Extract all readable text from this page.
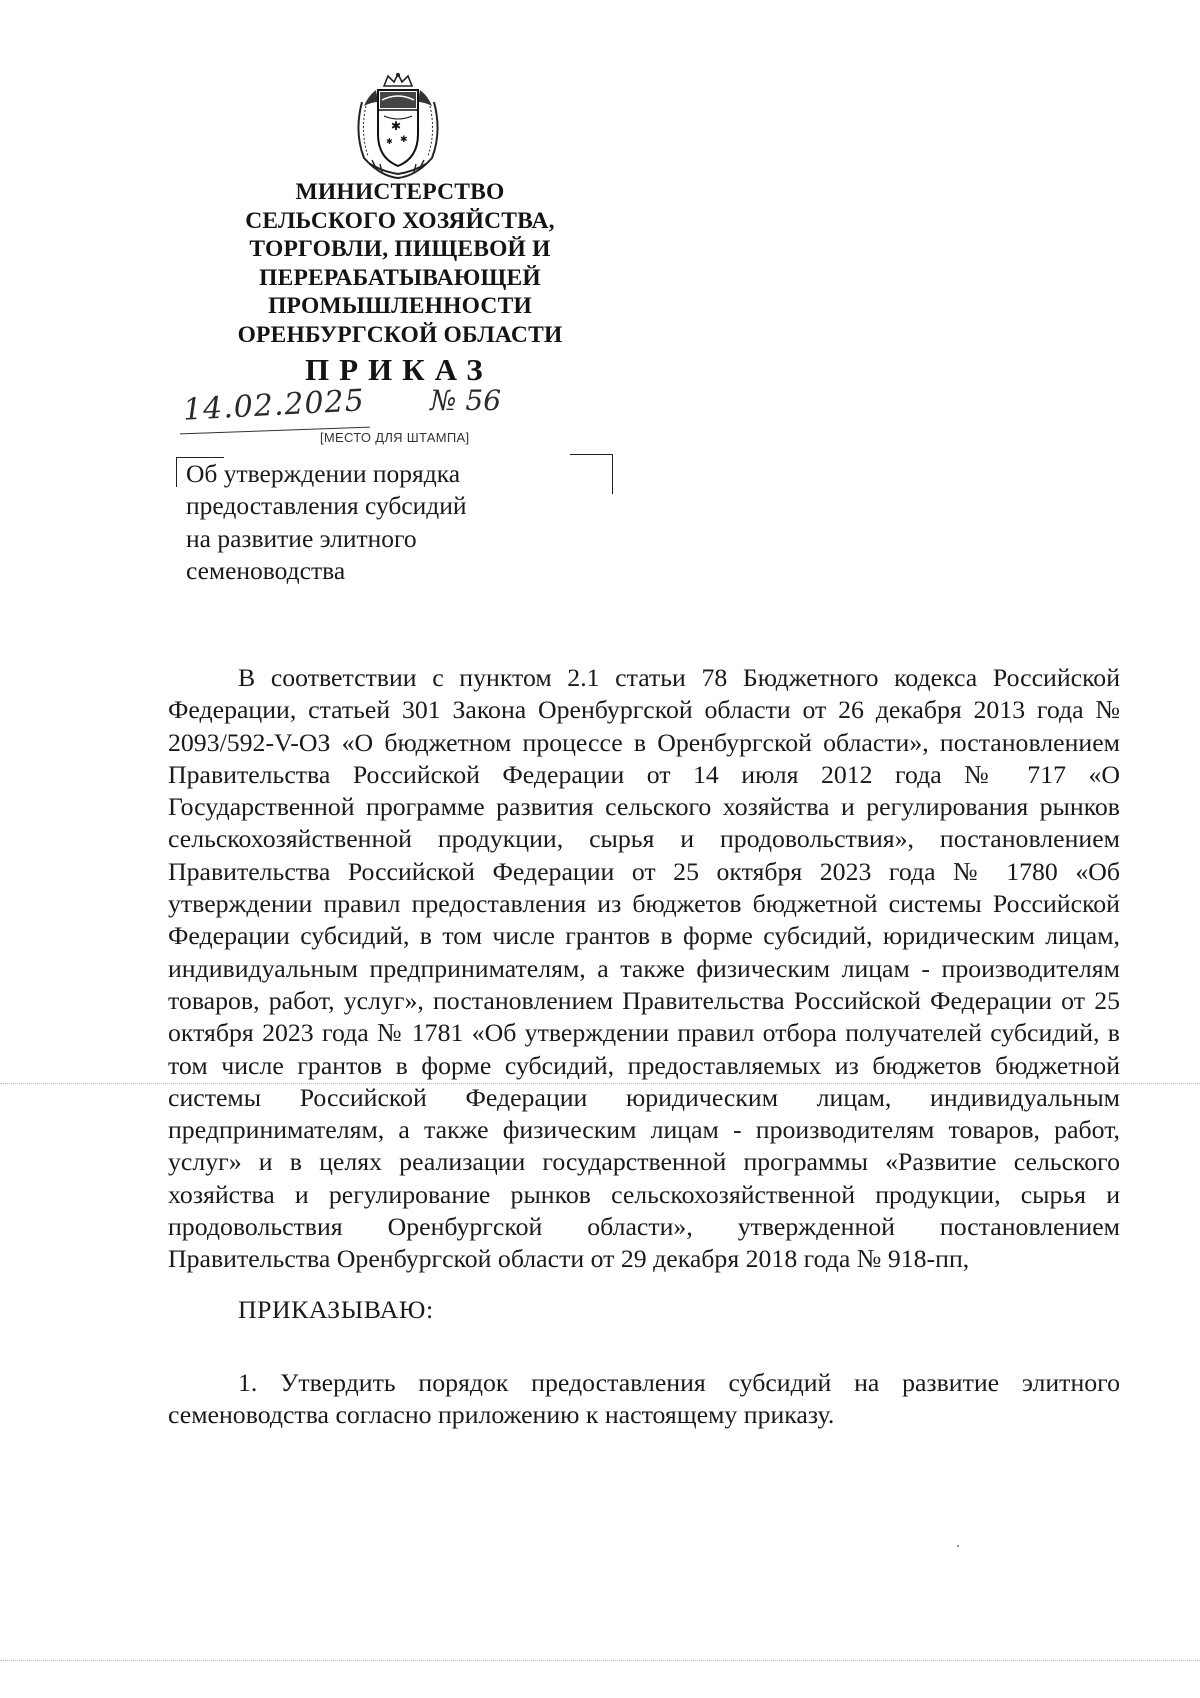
✱
✱
✱
МИНИСТЕРСТВО
СЕЛЬСКОГО ХОЗЯЙСТВА,
ТОРГОВЛИ, ПИЩЕВОЙ И
ПЕРЕРАБАТЫВАЮЩЕЙ
ПРОМЫШЛЕННОСТИ
ОРЕНБУРГСКОЙ ОБЛАСТИ
ПРИКАЗ
14.02.2025 № 56
[МЕСТО ДЛЯ ШТАМПА]
Об утверждении порядка
предоставления субсидий
на развитие элитного
семеноводства

В соответствии с пунктом 2.1 статьи 78 Бюджетного кодекса Российской Федерации, статьей 301 Закона Оренбургской области от 26 декабря 2013 года № 2093/592-V-ОЗ «О бюджетном процессе в Оренбургской области», постановлением Правительства Российской Федерации от 14 июля 2012 года № 717 «О Государственной программе развития сельского хозяйства и регулирования рынков сельскохозяйственной продукции, сырья и продовольствия», постановлением Правительства Российской Федерации от 25 октября 2023 года № 1780 «Об утверждении правил предоставления из бюджетов бюджетной системы Российской Федерации субсидий, в том числе грантов в форме субсидий, юридическим лицам, индивидуальным предпринимателям, а также физическим лицам - производителям товаров, работ, услуг», постановлением Правительства Российской Федерации от 25 октября 2023 года № 1781 «Об утверждении правил отбора получателей субсидий, в том числе грантов в форме субсидий, предоставляемых из бюджетов бюджетной системы Российской Федерации юридическим лицам, индивидуальным предпринимателям, а также физическим лицам - производителям товаров, работ, услуг» и в целях реализации государственной программы «Развитие сельского хозяйства и регулирование рынков сельскохозяйственной продукции, сырья и продовольствия Оренбургской области», утвержденной постановлением Правительства Оренбургской области от 29 декабря 2018 года № 918-пп,

ПРИКАЗЫВАЮ:
1. Утвердить порядок предоставления субсидий на развитие элитного семеноводства согласно приложению к настоящему приказу.
